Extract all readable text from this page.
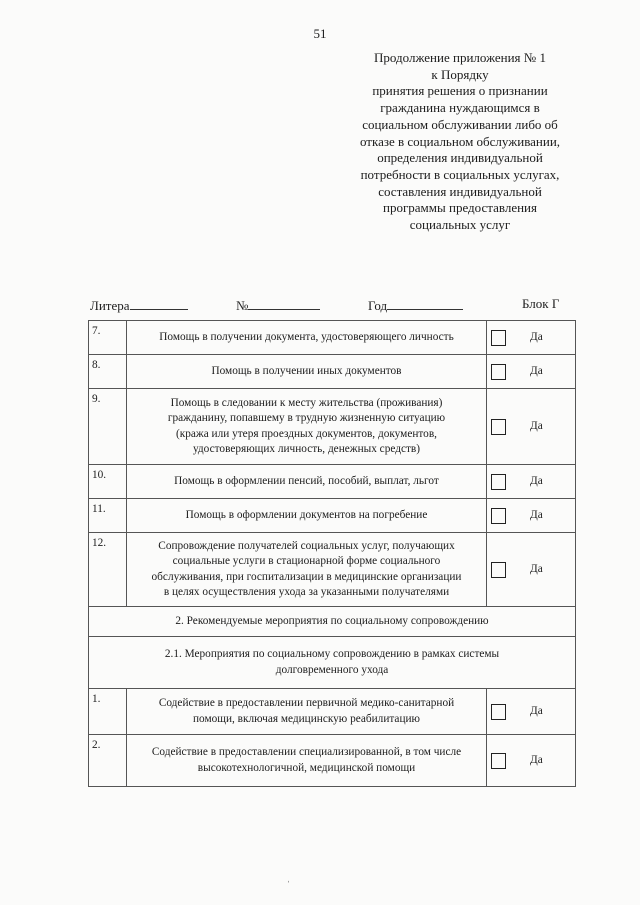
51
Продолжение приложения № 1
к Порядку
принятия решения о признании
гражданина нуждающимся в
социальном обслуживании либо об
отказе в социальном обслуживании,
определения индивидуальной
потребности в социальных услугах,
составления индивидуальной
программы предоставления
социальных услуг
Литера	№	Год	Блок Г
7.	Помощь в получении документа, удостоверяющего личность	Да

8.	Помощь в получении иных документов	Да

9.	Помощь в следовании к месту жительства (проживания)
гражданину, попавшему в трудную жизненную ситуацию
(кража или утеря проездных документов, документов,
удостоверяющих личность, денежных средств)	Да

10.	Помощь в оформлении пенсий, пособий, выплат, льгот	Да

11.	Помощь в оформлении документов на погребение	Да

12.	Сопровождение получателей социальных услуг, получающих
социальные услуги в стационарной форме социального
обслуживания, при госпитализации в медицинские организации
в целях осуществления ухода за указанными получателями	Да

2. Рекомендуемые мероприятия по социальному сопровождению		

2.1. Мероприятия по социальному сопровождению в рамках системы
долговременного ухода		

1.	Содействие в предоставлении первичной медико-санитарной
помощи, включая медицинскую реабилитацию	Да

2.	Содействие в предоставлении специализированной, в том числе
высокотехнологичной, медицинской помощи	Да
ˈ
